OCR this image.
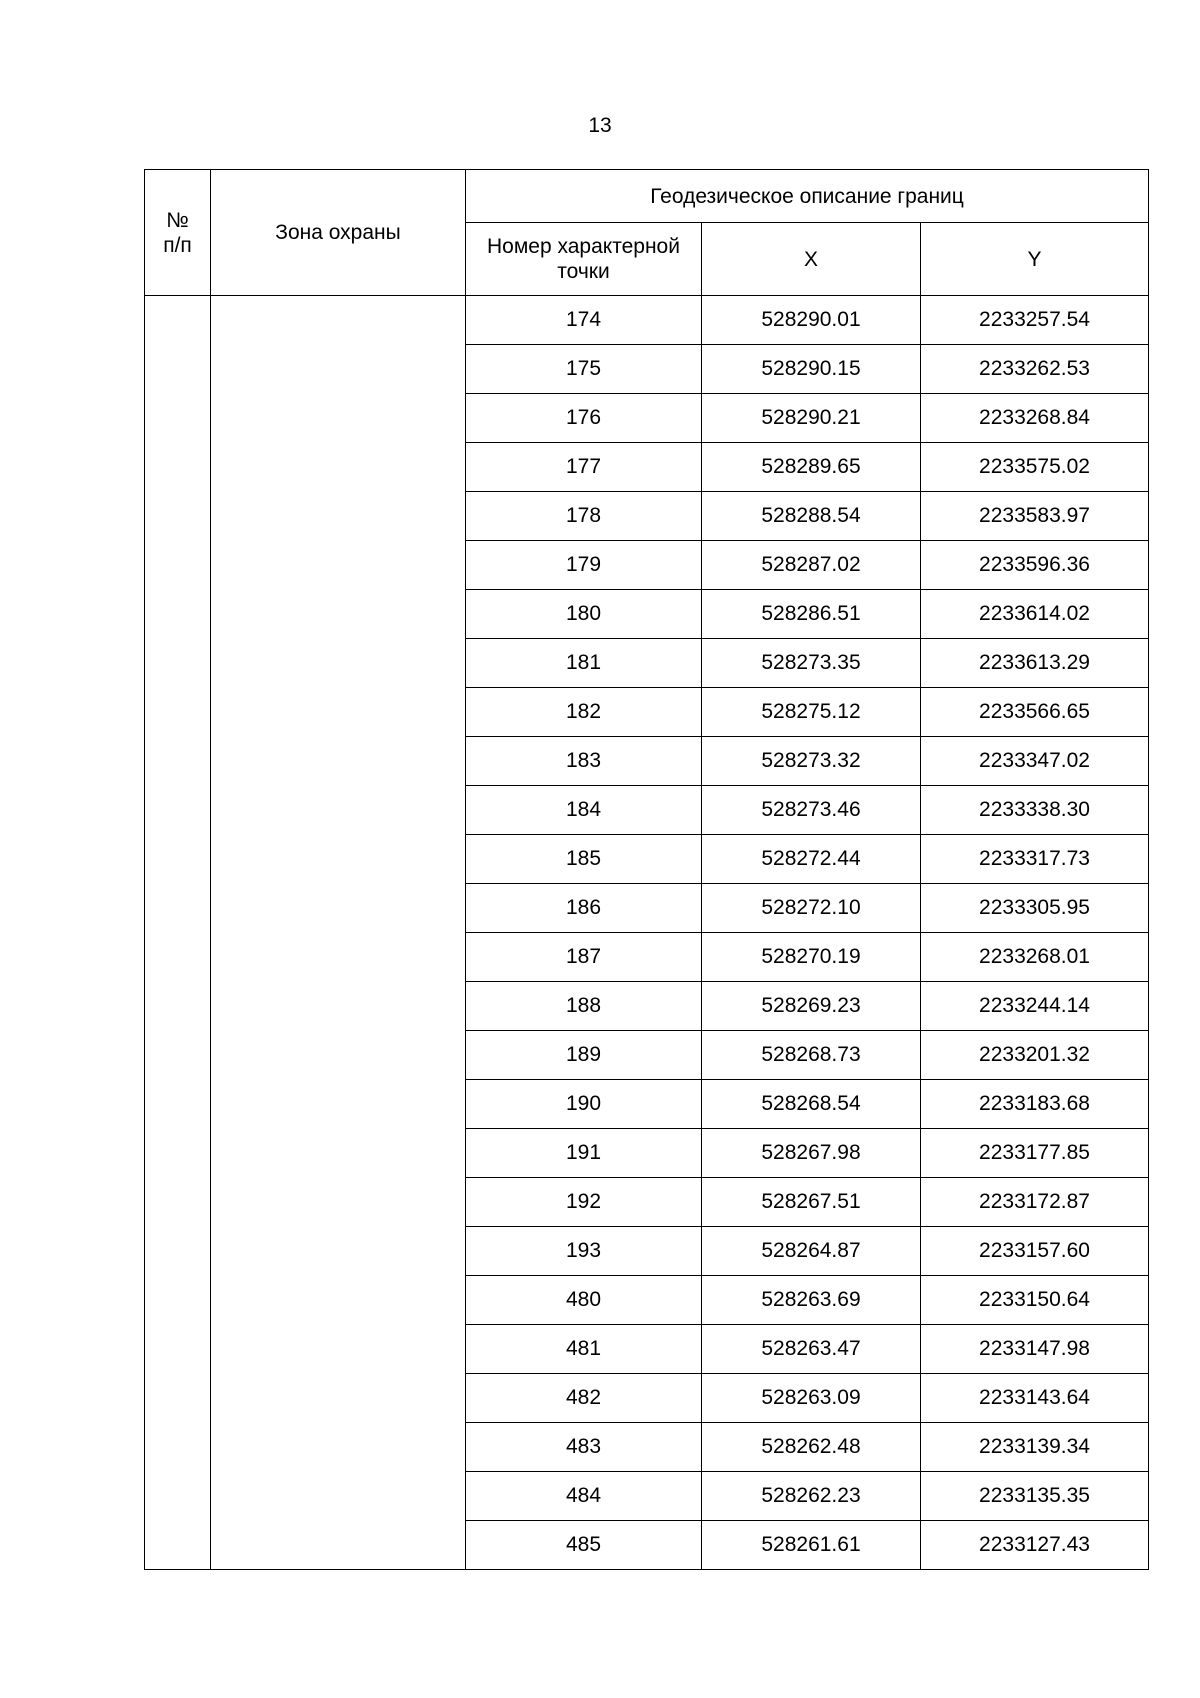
13
№
п/п	Зона охраны	Геодезическое описание границ		
		Номер характерной точки	X	Y
		174	528290.01	2233257.54
		175	528290.15	2233262.53
		176	528290.21	2233268.84
		177	528289.65	2233575.02
		178	528288.54	2233583.97
		179	528287.02	2233596.36
		180	528286.51	2233614.02
		181	528273.35	2233613.29
		182	528275.12	2233566.65
		183	528273.32	2233347.02
		184	528273.46	2233338.30
		185	528272.44	2233317.73
		186	528272.10	2233305.95
		187	528270.19	2233268.01
		188	528269.23	2233244.14
		189	528268.73	2233201.32
		190	528268.54	2233183.68
		191	528267.98	2233177.85
		192	528267.51	2233172.87
		193	528264.87	2233157.60
		480	528263.69	2233150.64
		481	528263.47	2233147.98
		482	528263.09	2233143.64
		483	528262.48	2233139.34
		484	528262.23	2233135.35
		485	528261.61	2233127.43
